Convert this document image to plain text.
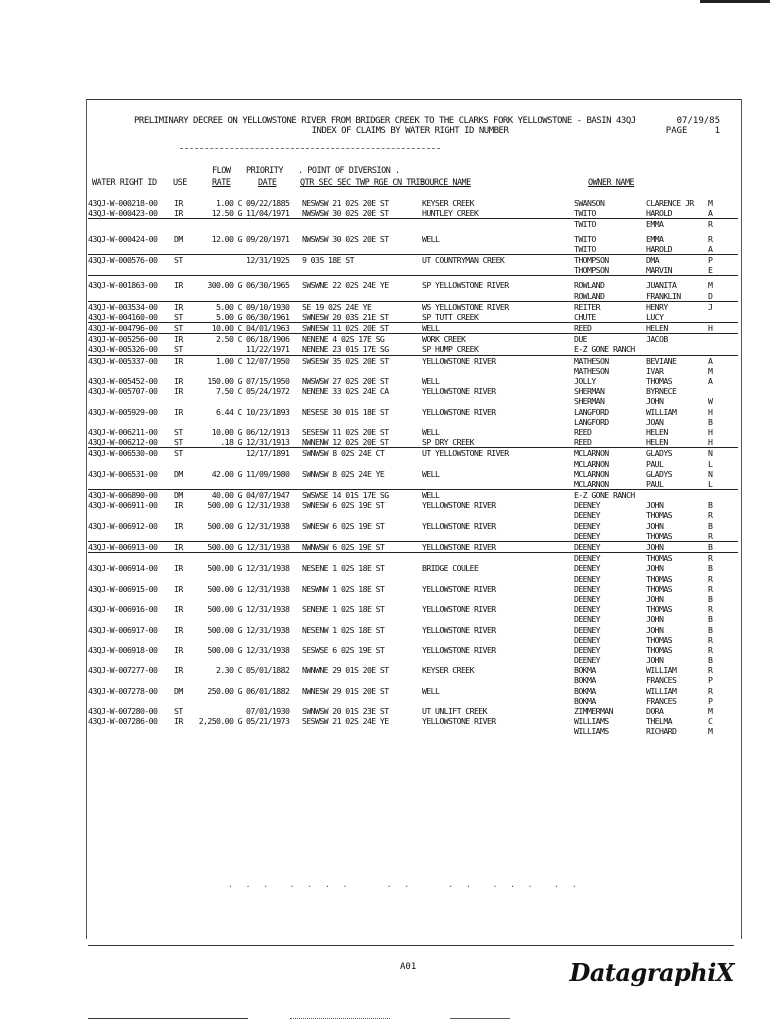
PRELIMINARY DECREE ON YELLOWSTONE RIVER FROM BRIDGER CREEK TO THE CLARKS FORK YELLOWSTONE - BASIN 43QJ
INDEX OF CLAIMS BY WATER RIGHT ID NUMBER
07/19/85
PAGE	1
FLOW
RATE
PRIORITY
DATE
. POINT OF DIVERSION .
QTR SEC SEC TWP RGE CN TRIB
WATER RIGHT ID USE	SOURCE NAME	OWNER NAME
43QJ-W-000218-00	IR	1.00 C 09/22/1885	NESWSW 21 02S 20E ST	KEYSER CREEK	SWANSON	CLARENCE JR	M
43QJ-W-000423-00	IR	12.50 G 11/04/1971	NWSWSW 30 02S 20E ST	HUNTLEY CREEK	TWITO	HAROLD	A
TWITO	EMMA	R
43QJ-W-000424-00	DM	12.00 G 09/20/1971	NWSWSW 30 02S 20E ST	WELL	TWITO	EMMA	R
TWITO	HAROLD	A
43QJ-W-000576-00	ST	12/31/1925	9 03S 18E ST	UT COUNTRYMAN CREEK	THOMPSON	DMA	P
THOMPSON	MARVIN	E
43QJ-W-001863-00	IR	300.00 G 06/30/1965	SWSWNE 22 02S 24E YE	SP YELLOWSTONE RIVER	ROWLAND	JUANITA	M
ROWLAND	FRANKLIN	D
43QJ-W-003534-00	IR	5.00 C 09/10/1930	SE 19 02S 24E YE	WS YELLOWSTONE RIVER	REITER	HENRY	J
43QJ-W-004160-00	ST	5.00 G 06/30/1961	SWNESW 20 03S 21E ST	SP TUTT CREEK	CHUTE	LUCY
43QJ-W-004796-00	ST	10.00 C 04/01/1963	SWNESW 11 02S 20E ST	WELL	REED	HELEN	H
43QJ-W-005256-00	IR	2.50 C 06/18/1906	NENENE 4 02S 17E SG	WORK CREEK	DUE	JACOB
43QJ-W-005326-00	ST	11/22/1971	NENENE 23 01S 17E SG	SP HUMP CREEK	E-Z GONE RANCH
43QJ-W-005337-00	IR	1.00 C 12/07/1950	SWSESW 35 02S 20E ST	YELLOWSTONE RIVER	MATHESON	BEVIANE	A
MATHESON	IVAR	M
43QJ-W-005452-00	IR	150.00 G 07/15/1950	NWSWSW 27 02S 20E ST	WELL	JOLLY	THOMAS	A
43QJ-W-005707-00	IR	7.50 C 05/24/1972	NENENE 33 02S 24E CA	YELLOWSTONE RIVER	SHERMAN	BYRNECE
SHERMAN	JOHN	W
43QJ-W-005929-00	IR	6.44 C 10/23/1893	NESESE 30 01S 18E ST	YELLOWSTONE RIVER	LANGFORD	WILLIAM	H
LANGFORD	JOAN	B
43QJ-W-006211-00	ST	10.00 G 06/12/1913	SESESW 11 02S 20E ST	WELL	REED	HELEN	H
43QJ-W-006212-00	ST	.18 G 12/31/1913	NWNENW 12 02S 20E ST	SP DRY CREEK	REED	HELEN	H
43QJ-W-006530-00	ST	12/17/1891	SWNWSW 8 02S 24E CT	UT YELLOWSTONE RIVER	MCLARNON	GLADYS	N
MCLARNON	PAUL	L
43QJ-W-006531-00	DM	42.00 G 11/09/1980	SWNWSW 8 02S 24E YE	WELL	MCLARNON	GLADYS	N
MCLARNON	PAUL	L
43QJ-W-006890-00	DM	40.00 G 04/07/1947	SWSWSE 14 01S 17E SG	WELL	E-Z GONE RANCH
43QJ-W-006911-00	IR	500.00 G 12/31/1938	SWNESW 6 02S 19E ST	YELLOWSTONE RIVER	DEENEY	JOHN	B
DEENEY	THOMAS	R
43QJ-W-006912-00	IR	500.00 G 12/31/1938	SWNESW 6 02S 19E ST	YELLOWSTONE RIVER	DEENEY	JOHN	B
DEENEY	THOMAS	R
43QJ-W-006913-00	IR	500.00 G 12/31/1938	NWNWSW 6 02S 19E ST	YELLOWSTONE RIVER	DEENEY	JOHN	B
DEENEY	THOMAS	R
43QJ-W-006914-00	IR	500.00 G 12/31/1938	NESENE 1 02S 18E ST	BRIDGE COULEE	DEENEY	JOHN	B
DEENEY	THOMAS	R
43QJ-W-006915-00	IR	500.00 G 12/31/1938	NESWNW 1 02S 18E ST	YELLOWSTONE RIVER	DEENEY	THOMAS	R
DEENEY	JOHN	B
43QJ-W-006916-00	IR	500.00 G 12/31/1938	SENENE 1 02S 18E ST	YELLOWSTONE RIVER	DEENEY	THOMAS	R
DEENEY	JOHN	B
43QJ-W-006917-00	IR	500.00 G 12/31/1938	NESENW 1 02S 18E ST	YELLOWSTONE RIVER	DEENEY	JOHN	B
DEENEY	THOMAS	R
43QJ-W-006918-00	IR	500.00 G 12/31/1938	SESWSE 6 02S 19E ST	YELLOWSTONE RIVER	DEENEY	THOMAS	R
DEENEY	JOHN	B
43QJ-W-007277-00	IR	2.30 C 05/01/1882	NWNWNE 29 01S 20E ST	KEYSER CREEK	BOKMA	WILLIAM	R
BOKMA	FRANCES	P
43QJ-W-007278-00	DM	250.00 G 06/01/1882	NWNESW 29 01S 20E ST	WELL	BOKMA	WILLIAM	R
BOKMA	FRANCES	P
43QJ-W-007280-00	ST	07/01/1930	SWNWSW 20 01S 23E ST	UT UNLIFT CREEK	ZIMMERMAN	DORA	M
43QJ-W-007286-00	IR	2,250.00 G 05/21/1973	SESWSW 21 02S 24E YE	YELLOWSTONE RIVER	WILLIAMS	THELMA	C
WILLIAMS	RICHARD	M
. . .  . . . .    . .    . .  . . .  . .
A01	DatagraphiX
